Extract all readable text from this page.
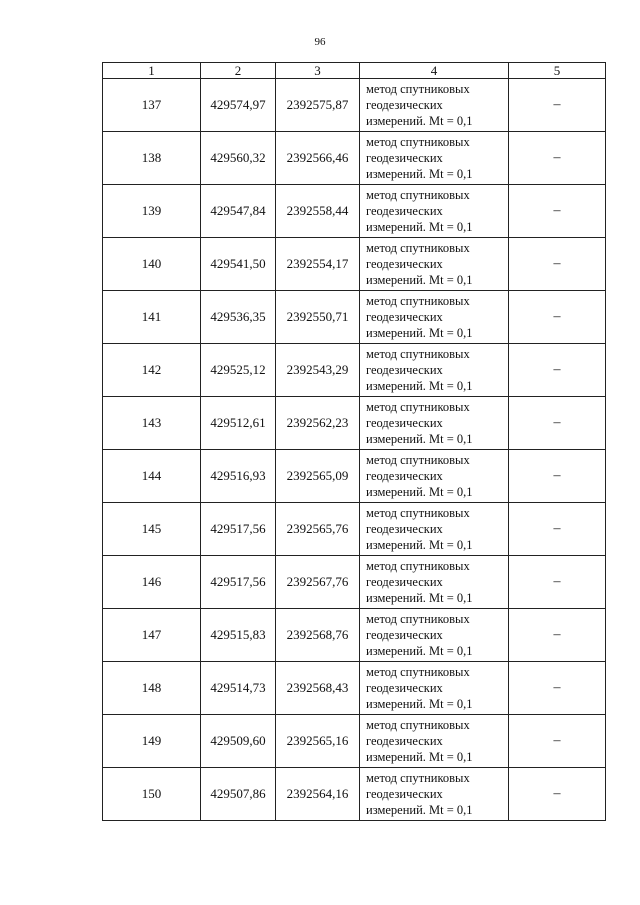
96
1	2	3	4	5
137	429574,97	2392575,87	метод спутниковых
геодезических
измерений. Mt = 0,1	–
138	429560,32	2392566,46	метод спутниковых
геодезических
измерений. Mt = 0,1	–
139	429547,84	2392558,44	метод спутниковых
геодезических
измерений. Mt = 0,1	–
140	429541,50	2392554,17	метод спутниковых
геодезических
измерений. Mt = 0,1	–
141	429536,35	2392550,71	метод спутниковых
геодезических
измерений. Mt = 0,1	–
142	429525,12	2392543,29	метод спутниковых
геодезических
измерений. Mt = 0,1	–
143	429512,61	2392562,23	метод спутниковых
геодезических
измерений. Mt = 0,1	–
144	429516,93	2392565,09	метод спутниковых
геодезических
измерений. Mt = 0,1	–
145	429517,56	2392565,76	метод спутниковых
геодезических
измерений. Mt = 0,1	–
146	429517,56	2392567,76	метод спутниковых
геодезических
измерений. Mt = 0,1	–
147	429515,83	2392568,76	метод спутниковых
геодезических
измерений. Mt = 0,1	–
148	429514,73	2392568,43	метод спутниковых
геодезических
измерений. Mt = 0,1	–
149	429509,60	2392565,16	метод спутниковых
геодезических
измерений. Mt = 0,1	–
150	429507,86	2392564,16	метод спутниковых
геодезических
измерений. Mt = 0,1	–
